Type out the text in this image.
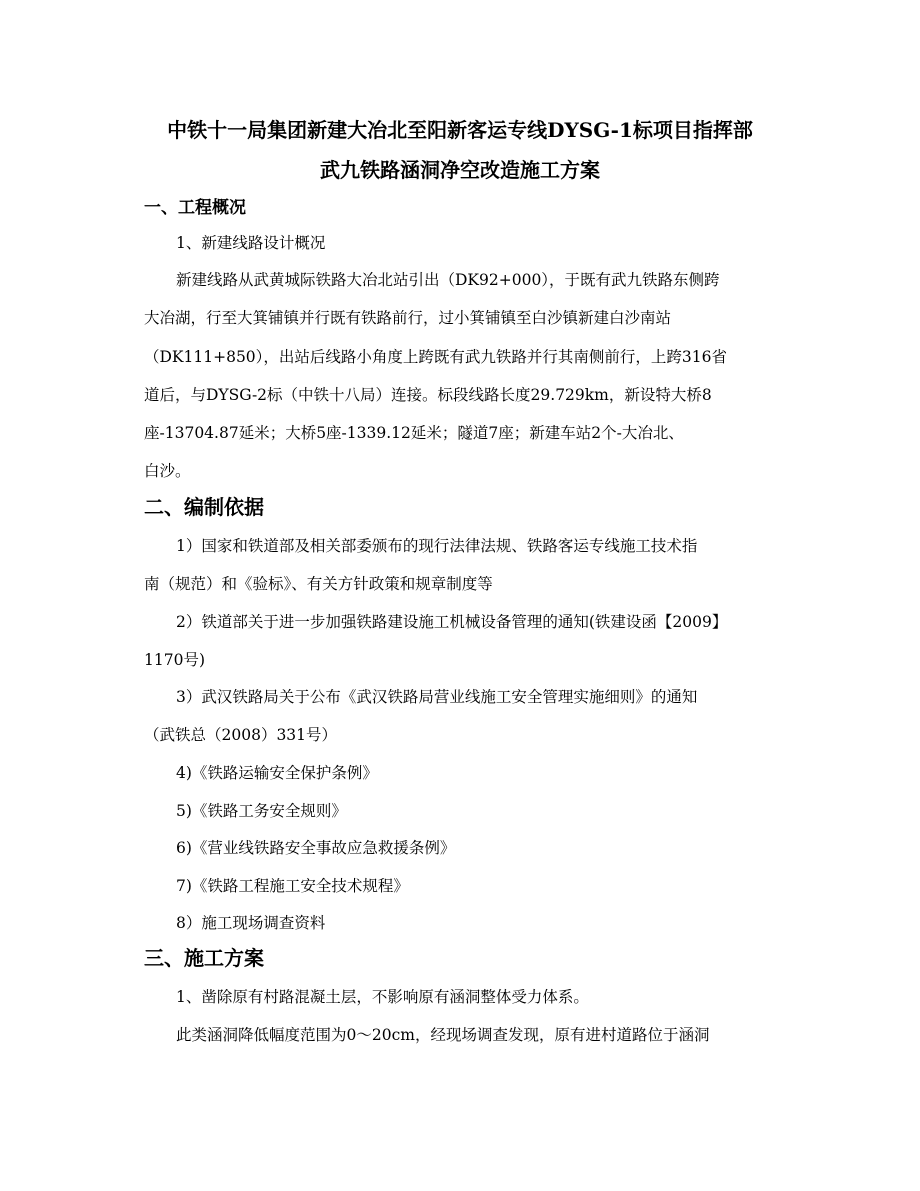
中铁十一局集团新建大冶北至阳新客运专线DYSG-1标项目指挥部
武九铁路涵洞净空改造施工方案
一、工程概况
1、新建线路设计概况
新建线路从武黄城际铁路大冶北站引出（DK92+000），于既有武九铁路东侧跨
大冶湖，行至大箕铺镇并行既有铁路前行，过小箕铺镇至白沙镇新建白沙南站
（DK111+850），出站后线路小角度上跨既有武九铁路并行其南侧前行，上跨316省
道后，与DYSG-2标（中铁十八局）连接。标段线路长度29.729km，新设特大桥8
座-13704.87延米；大桥5座-1339.12延米；隧道7座；新建车站2个-大冶北、
白沙。
二、编制依据
1）国家和铁道部及相关部委颁布的现行法律法规、铁路客运专线施工技术指
南（规范）和《验标》、有关方针政策和规章制度等
2）铁道部关于进一步加强铁路建设施工机械设备管理的通知(铁建设函【2009】
1170号)
3）武汉铁路局关于公布《武汉铁路局营业线施工安全管理实施细则》的通知
（武铁总（2008）331号）
4)《铁路运输安全保护条例》
5)《铁路工务安全规则》
6)《营业线铁路安全事故应急救援条例》
7)《铁路工程施工安全技术规程》
8）施工现场调查资料
三、施工方案
1、凿除原有村路混凝土层，不影响原有涵洞整体受力体系。
此类涵洞降低幅度范围为0～20cm，经现场调查发现，原有进村道路位于涵洞
